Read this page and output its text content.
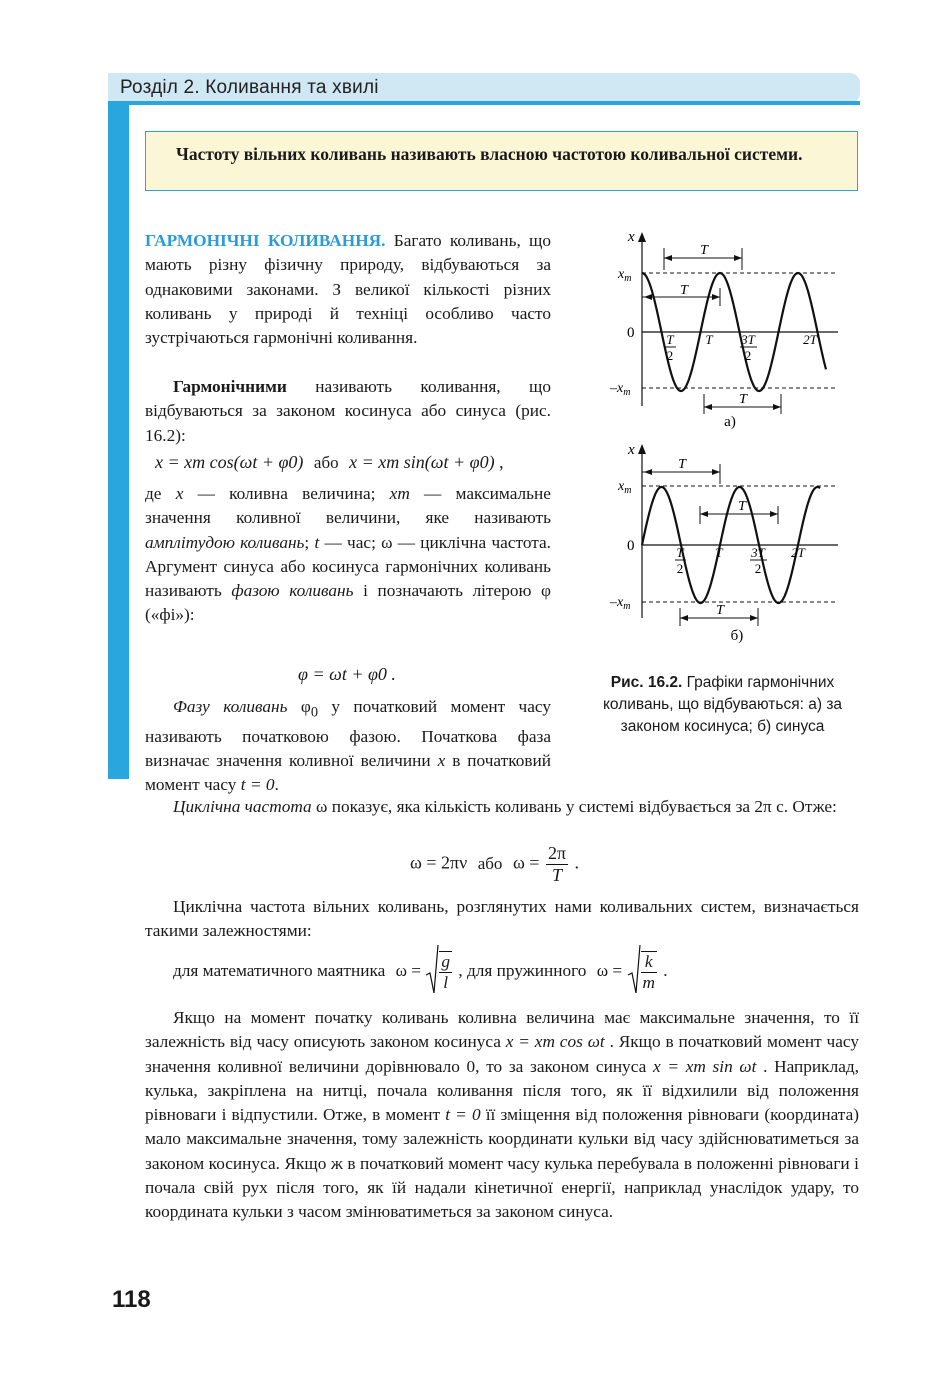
Розділ 2. Коливання та хвилі
Частоту вільних коливань називають власною частотою коливальної системи.

ГАРМОНІЧНІ КОЛИВАННЯ. Багато коливань, що мають різну фізичну природу, відбуваються за однаковими законами. З великої кількості різних коливань у природі й техніці особливо часто зустрічаються гармонічні коливання.

Гармонічними називають коливання, що відбуваються за законом косинуса або синуса (рис. 16.2):

x = xm cos(ωt + φ0) або x = xm sin(ωt + φ0) ,

де x — коливна величина; xm — максимальне значення коливної величини, яке називають амплітудою коливань; t — час; ω — циклічна частота. Аргумент синуса або косинуса гармонічних коливань називають фазою коливань і позначають літерою φ («фі»):

φ = ωt + φ0 .

Фазу коливань $\varphi_0$ у початковий момент часу називають початковою фазою. Початкова фаза визначає значення коливної величини x в початковий момент часу t = 0.

Циклічна частота ω показує, яка кількість коливань у системі відбувається за 2π с. Отже:

ω = 2πν або $\omega = \frac{2\pi}{T}$ .

Циклічна частота вільних коливань, розглянутих нами коливальних систем, визначається такими залежностями:

для математичного маятника $\omega = \frac{g}{l}$ , для пружинного $\omega = \frac{k}{m}$ .

Якщо на момент початку коливань коливна величина має максимальне значення, то її залежність від часу описують законом косинуса x = xm cos ωt . Якщо в початковий момент часу значення коливної величини дорівнювало 0, то за законом синуса x = xm sin ωt . Наприклад, кулька, закріплена на нитці, почала коливання після того, як її відхилили від положення рівноваги і відпустили. Отже, в момент t = 0 її зміщення від положення рівноваги (координата) мало максимальне значення, тому залежність координати кульки від часу здійснюватиметься за законом косинуса. Якщо ж в початковий момент часу кулька перебувала в положенні рівноваги і почала свій рух після того, як їй надали кінетичної енергії, наприклад унаслідок удару, то координата кульки з часом змінюватиметься за законом синуса.

x
$x_m$
0
$-x_m$
T
2
T 3T
2
2T
T
T
T
а)
x
$x_m$
0
$-x_m$
T
2
T 3T
2
2T
T
T
T
б)
Рис. 16.2. Графіки гармонічних коливань, що відбуваються: а) за законом косинуса; б) синуса
118
